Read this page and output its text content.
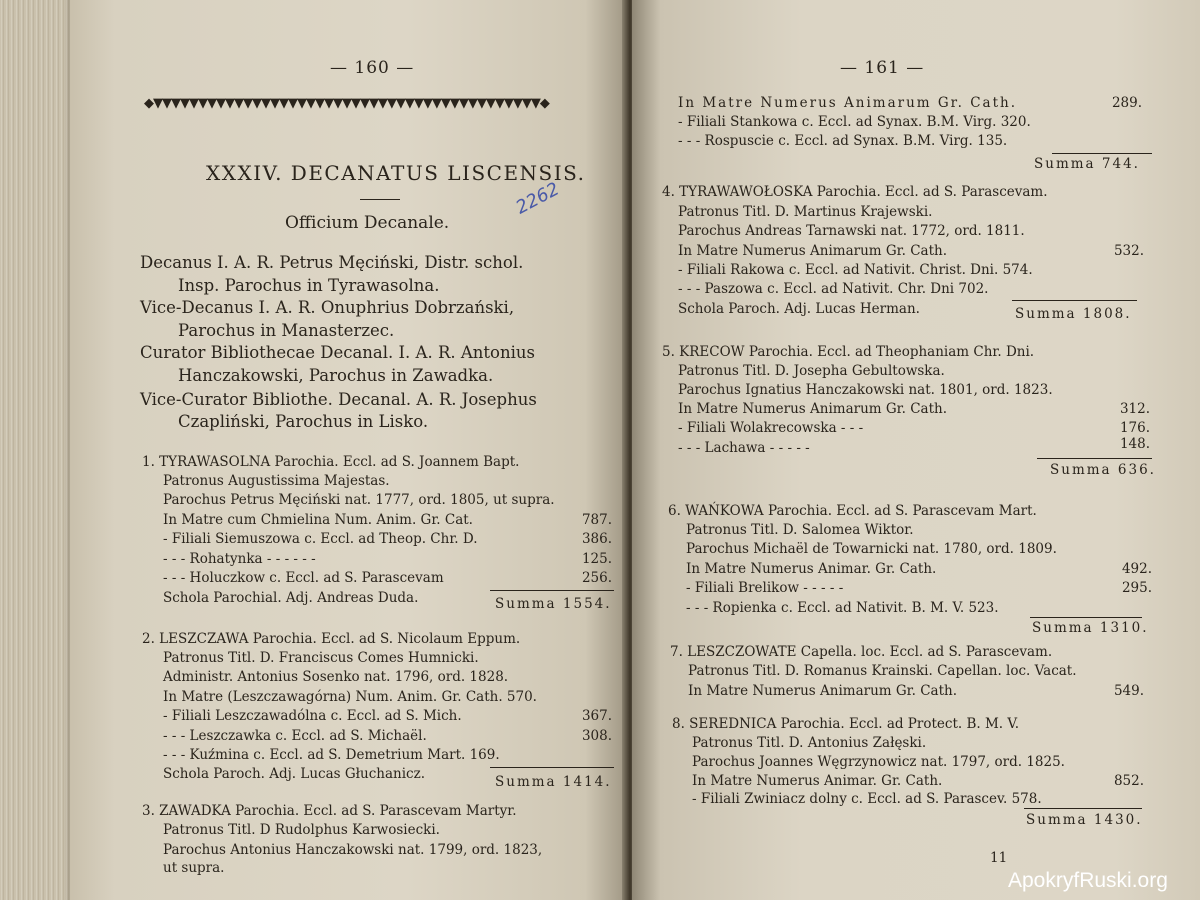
— 160 —
◆▼▼▼▼▼▼▼▼▼▼▼▼▼▼▼▼▼▼▼▼▼▼▼▼▼▼▼▼▼▼▼▼▼▼▼▼▼▼▼▼▼▼▼◆
XXXIV. DECANATUS LISCENSIS.
2262
Officium Decanale.
Decanus I. A. R. Petrus Męciński, Distr. schol.
Insp. Parochus in Tyrawasolna.
Vice-Decanus I. A. R. Onuphrius Dobrzański,
Parochus in Manasterzec.
Curator Bibliothecae Decanal. I. A. R. Antonius
Hanczakowski, Parochus in Zawadka.
Vice-Curator Bibliothe. Decanal. A. R. Josephus
Czapliński, Parochus in Lisko.
1. TYRAWASOLNA Parochia. Eccl. ad S. Joannem Bapt.
Patronus Augustissima Majestas.
Parochus Petrus Męciński nat. 1777, ord. 1805, ut supra.
In Matre cum Chmielina Num. Anim. Gr. Cat.	787.
- Filiali Siemuszowa c. Eccl. ad Theop. Chr. D.	386.
- - - Rohatynka - - - - - -	125.
- - - Holuczkow c. Eccl. ad S. Parascevam	256.
Schola Parochial. Adj. Andreas Duda.	Summa 1554.
2. LESZCZAWA Parochia. Eccl. ad S. Nicolaum Eppum.
Patronus Titl. D. Franciscus Comes Humnicki.
Administr. Antonius Sosenko nat. 1796, ord. 1828.
In Matre (Leszczawagórna) Num. Anim. Gr. Cath. 570.
- Filiali Leszczawadólna c. Eccl. ad S. Mich.	367.
- - - Leszczawka c. Eccl. ad S. Michaël.	308.
- - - Kuźmina c. Eccl. ad S. Demetrium Mart. 169.
Schola Paroch. Adj. Lucas Głuchanicz.	Summa 1414.
3. ZAWADKA Parochia. Eccl. ad S. Parascevam Martyr.
Patronus Titl. D Rudolphus Karwosiecki.
Parochus Antonius Hanczakowski nat. 1799, ord. 1823,
ut supra.
— 161 —
In Matre Numerus Animarum Gr. Cath.	289.
- Filiali Stankowa c. Eccl. ad Synax. B.M. Virg. 320.
- - - Rospuscie c. Eccl. ad Synax. B.M. Virg. 135.
Summa 744.
4. TYRAWAWOŁOSKA Parochia. Eccl. ad S. Parascevam.
Patronus Titl. D. Martinus Krajewski.
Parochus Andreas Tarnawski nat. 1772, ord. 1811.
In Matre Numerus Animarum Gr. Cath.	532.
- Filiali Rakowa c. Eccl. ad Nativit. Christ. Dni. 574.
- - - Paszowa c. Eccl. ad Nativit. Chr. Dni 702.
Schola Paroch. Adj. Lucas Herman.	Summa 1808.
5. KRECOW Parochia. Eccl. ad Theophaniam Chr. Dni.
Patronus Titl. D. Josepha Gebultowska.
Parochus Ignatius Hanczakowski nat. 1801, ord. 1823.
In Matre Numerus Animarum Gr. Cath.	312.
- Filiali Wolakrecowska - - -	176.
- - - Lachawa - - - - -	148.
Summa 636.
6. WAŃKOWA Parochia. Eccl. ad S. Parascevam Mart.
Patronus Titl. D. Salomea Wiktor.
Parochus Michaël de Towarnicki nat. 1780, ord. 1809.
In Matre Numerus Animar. Gr. Cath.	492.
- Filiali Brelikow - - - - -	295.
- - - Ropienka c. Eccl. ad Nativit. B. M. V. 523.
Summa 1310.
7. LESZCZOWATE Capella. loc. Eccl. ad S. Parascevam.
Patronus Titl. D. Romanus Krainski. Capellan. loc. Vacat.
In Matre Numerus Animarum Gr. Cath.	549.
8. SEREDNICA Parochia. Eccl. ad Protect. B. M. V.
Patronus Titl. D. Antonius Załęski.
Parochus Joannes Węgrzynowicz nat. 1797, ord. 1825.
In Matre Numerus Animar. Gr. Cath.	852.
- Filiali Zwiniacz dolny c. Eccl. ad S. Parascev. 578.
Summa 1430.
11
ApokryfRuski.org
